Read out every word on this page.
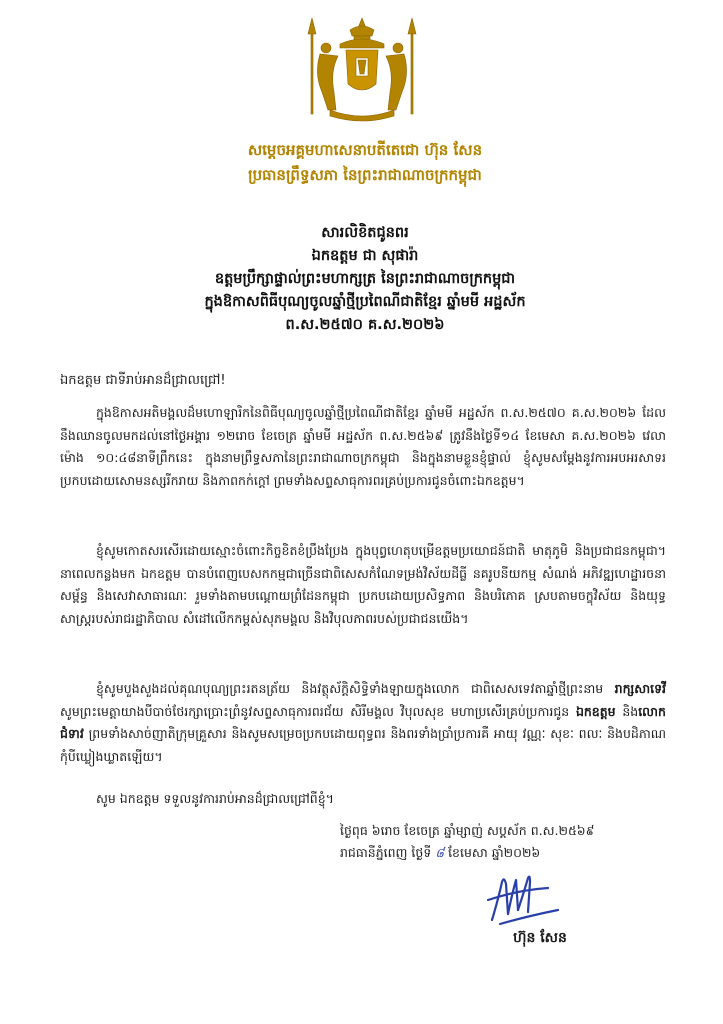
សម្តេចអគ្គមហាសេនាបតីតេជោ ហ៊ុន សែន
ប្រធានព្រឹទ្ធសភា នៃព្រះរាជាណាចក្រកម្ពុជា
សារលិខិតជូនពរ
ឯកឧត្តម ជា សុផារ៉ា
ឧត្តមប្រឹក្សាផ្ទាល់ព្រះមហាក្សត្រ នៃព្រះរាជាណាចក្រកម្ពុជា
ក្នុងឱកាសពិធីបុណ្យចូលឆ្នាំថ្មីប្រពៃណីជាតិខ្មែរ ឆ្នាំមមី អដ្ឋស័ក
ព.ស.២៥៧០ គ.ស.២០២៦
ឯកឧត្តម ជាទីរាប់អានដ៏ជ្រាលជ្រៅ!
ក្នុងឱកាសអតិមង្គលដ៏មហោឡារិកនៃពិធីបុណ្យចូលឆ្នាំថ្មីប្រពៃណីជាតិខ្មែរ ឆ្នាំមមី អដ្ឋស័ក ព.ស.២៥៧០ គ.ស.២០២៦ ដែលនឹងឈានចូលមកដល់នៅថ្ងៃអង្គារ ១២រោច ខែចេត្រ ឆ្នាំមមី អដ្ឋស័ក ព.ស.២៥៦៩ ត្រូវនឹងថ្ងៃទី១៤ ខែមេសា គ.ស.២០២៦ វេលាម៉ោង ១០:៤៨នាទីព្រឹកនេះ ក្នុងនាមព្រឹទ្ធសភានៃព្រះរាជាណាចក្រកម្ពុជា និងក្នុងនាមខ្លួនខ្ញុំផ្ទាល់ ខ្ញុំសូមសម្តែងនូវការអបអរសាទរប្រកបដោយសោមនស្សរីករាយ និងភាពកក់ក្តៅ ព្រមទាំងសព្ទសាធុការពរគ្រប់ប្រការជូនចំពោះឯកឧត្តម។
ខ្ញុំសូមកោតសរសើរដោយស្មោះចំពោះកិច្ចខិតខំប្រឹងប្រែង ក្នុងបុព្វហេតុបម្រើឧត្តមប្រយោជន៍ជាតិ មាតុភូមិ និងប្រជាជនកម្ពុជា។ នាពេលកន្លងមក ឯកឧត្តម បានបំពេញបេសកកម្មជាច្រើនជាពិសេសកំណែទម្រង់វិស័យដីធ្លី នគរូបនីយកម្ម សំណង់ អភិវឌ្ឍហេដ្ឋារចនាសម្ព័ន្ធ និងសេវាសាធារណៈ រួមទាំងតាមបណ្តោយព្រំដែនកម្ពុជា ប្រកបដោយប្រសិទ្ធភាព និងបរិភោគ ស្របតាមចក្ខុវិស័យ និងយុទ្ធសាស្ត្ររបស់រាជរដ្ឋាភិបាល សំដៅលើកកម្ពស់សុភមង្គល និងវិបុលភាពរបស់ប្រជាជនយើង។
ខ្ញុំសូមបួងសួងដល់គុណបុណ្យព្រះរតនត្រ័យ និងវត្ថុស័ក្តិសិទ្ធិទាំងឡាយក្នុងលោក ជាពិសេសទេវតាឆ្នាំថ្មីព្រះនាម រាក្សសាទេវី សូមព្រះមេត្តាយាងបីបាច់ថែរក្សាប្រោះព្រំនូវសព្ទសាធុការពរជ័យ សិរីមង្គល វិបុលសុខ មហាប្រសើរគ្រប់ប្រការជូន ឯកឧត្តម និងលោកជំទាវ ព្រមទាំងសាច់ញាតិក្រុមគ្រួសារ និងសូមសម្រេចប្រកបដោយពុទ្ធពរ និងពរទាំងប្រាំប្រការគឺ អាយុ វណ្ណៈ សុខៈ ពលៈ និងបដិភាណ កុំបីឃ្លៀងឃ្លាតឡើយ។
សូម ឯកឧត្តម ទទួលនូវការរាប់អានដ៏ជ្រាលជ្រៅពីខ្ញុំ។
ថ្ងៃពុធ ៦រោច ខែចេត្រ ឆ្នាំម្សាញ់ សប្តស័ក ព.ស.២៥៦៩
រាជធានីភ្នំពេញ ថ្ងៃទី ៨ ខែមេសា ឆ្នាំ២០២៦
ហ៊ុន សែន
